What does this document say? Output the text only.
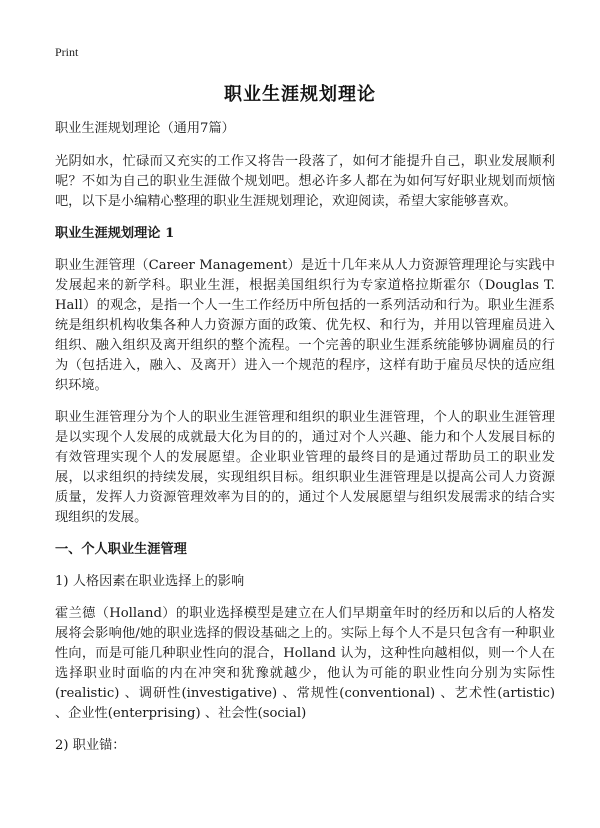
Print
职业生涯规划理论

职业生涯规划理论（通用7篇）

光阴如水，忙碌而又充实的工作又将告一段落了，如何才能提升自己，职业发展顺利呢？不如为自己的职业生涯做个规划吧。想必许多人都在为如何写好职业规划而烦恼吧，以下是小编精心整理的职业生涯规划理论，欢迎阅读，希望大家能够喜欢。

职业生涯规划理论 1

职业生涯管理（Career Management）是近十几年来从人力资源管理理论与实践中发展起来的新学科。职业生涯，根据美国组织行为专家道格拉斯霍尔（Douglas T. Hall）的观念，是指一个人一生工作经历中所包括的一系列活动和行为。职业生涯系统是组织机构收集各种人力资源方面的政策、优先权、和行为，并用以管理雇员进入组织、融入组织及离开组织的整个流程。一个完善的职业生涯系统能够协调雇员的行为（包括进入，融入、及离开）进入一个规范的程序，这样有助于雇员尽快的适应组织环境。

职业生涯管理分为个人的职业生涯管理和组织的职业生涯管理，个人的职业生涯管理是以实现个人发展的成就最大化为目的的，通过对个人兴趣、能力和个人发展目标的有效管理实现个人的发展愿望。企业职业管理的最终目的是通过帮助员工的职业发展，以求组织的持续发展，实现组织目标。组织职业生涯管理是以提高公司人力资源质量，发挥人力资源管理效率为目的的，通过个人发展愿望与组织发展需求的结合实现组织的发展。

一、个人职业生涯管理

1) 人格因素在职业选择上的影响

霍兰德（Holland）的职业选择模型是建立在人们早期童年时的经历和以后的人格发展将会影响他/她的职业选择的假设基础之上的。实际上每个人不是只包含有一种职业性向，而是可能几种职业性向的混合，Holland 认为，这种性向越相似，则一个人在选择职业时面临的内在冲突和犹豫就越少，他认为可能的职业性向分别为实际性 (realistic) 、调研性(investigative) 、常规性(conventional) 、艺术性(artistic) 、企业性(enterprising) 、社会性(social)

2) 职业锚：
